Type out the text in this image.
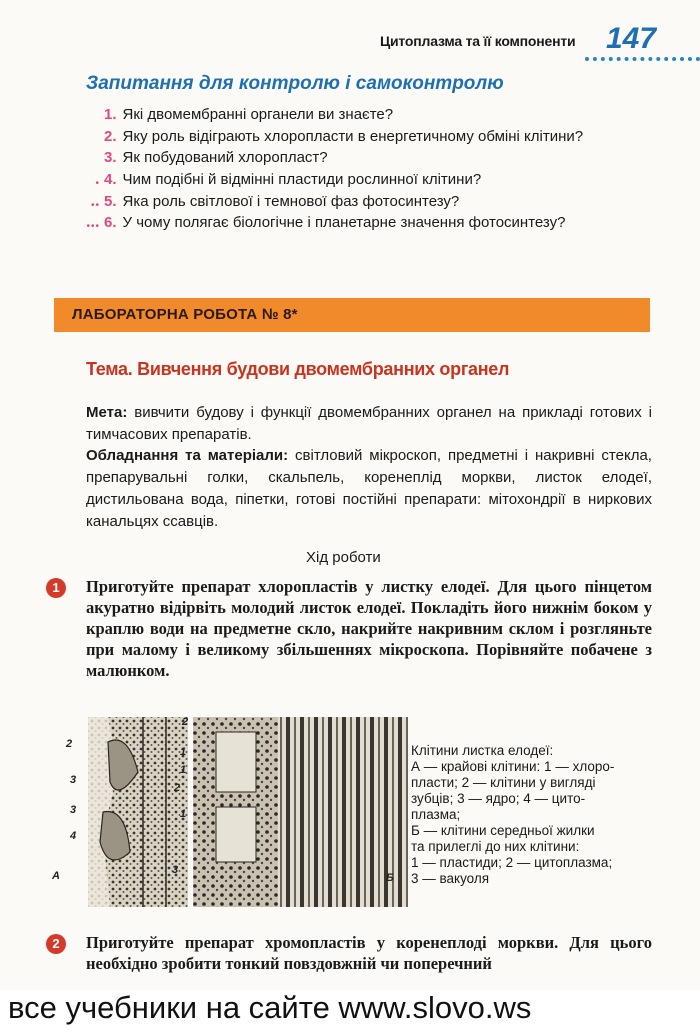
Цитоплазма та її компоненти 147
Запитання для контролю і самоконтролю
1. Які двомембранні органели ви знаєте?
2. Яку роль відіграють хлоропласти в енергетичному обміні клітини?
3. Як побудований хлоропласт?
• 4. Чим подібні й відмінні пластиди рослинної клітини?
•• 5. Яка роль світлової і темнової фаз фотосинтезу?
••• 6. У чому полягає біологічне і планетарне значення фотосинтезу?
ЛАБОРАТОРНА РОБОТА № 8*
Тема. Вивчення будови двомембранних органел
Мета: вивчити будову і функції двомембранних органел на прикладі готових і тимчасових препаратів.
Обладнання та матеріали: світловий мікроскоп, предметні і накривні стекла, препарувальні голки, скальпель, коренеплід моркви, листок елодеї, дистильована вода, піпетки, готові постійні препарати: мітохондрії в ниркових канальцях ссавців.
Хід роботи
1	Приготуйте препарат хлоропластів у листку елодеї. Для цього пінцетом акуратно відірвіть молодий листок елодеї. Покладіть його нижнім боком у краплю води на предметне скло, накрийте накривним склом і розгляньте при малому і великому збільшеннях мікроскопа. Порівняйте побачене з малюнком.
2
3
3
4
А
2
1
1
2
1
3
Б
Клітини листка елодеї:
А — крайові клітини: 1 — хлоро-
пласти; 2 — клітини у вигляді
зубців; 3 — ядро; 4 — цито-
плазма;
Б — клітини середньої жилки
та прилеглі до них клітини:
1 — пластиди; 2 — цитоплазма;
3 — вакуоля
2	Приготуйте препарат хромопластів у коренеплоді моркви. Для цього необхідно зробити тонкий повздовжній чи поперечний
все учебники на сайте www.slovo.ws
